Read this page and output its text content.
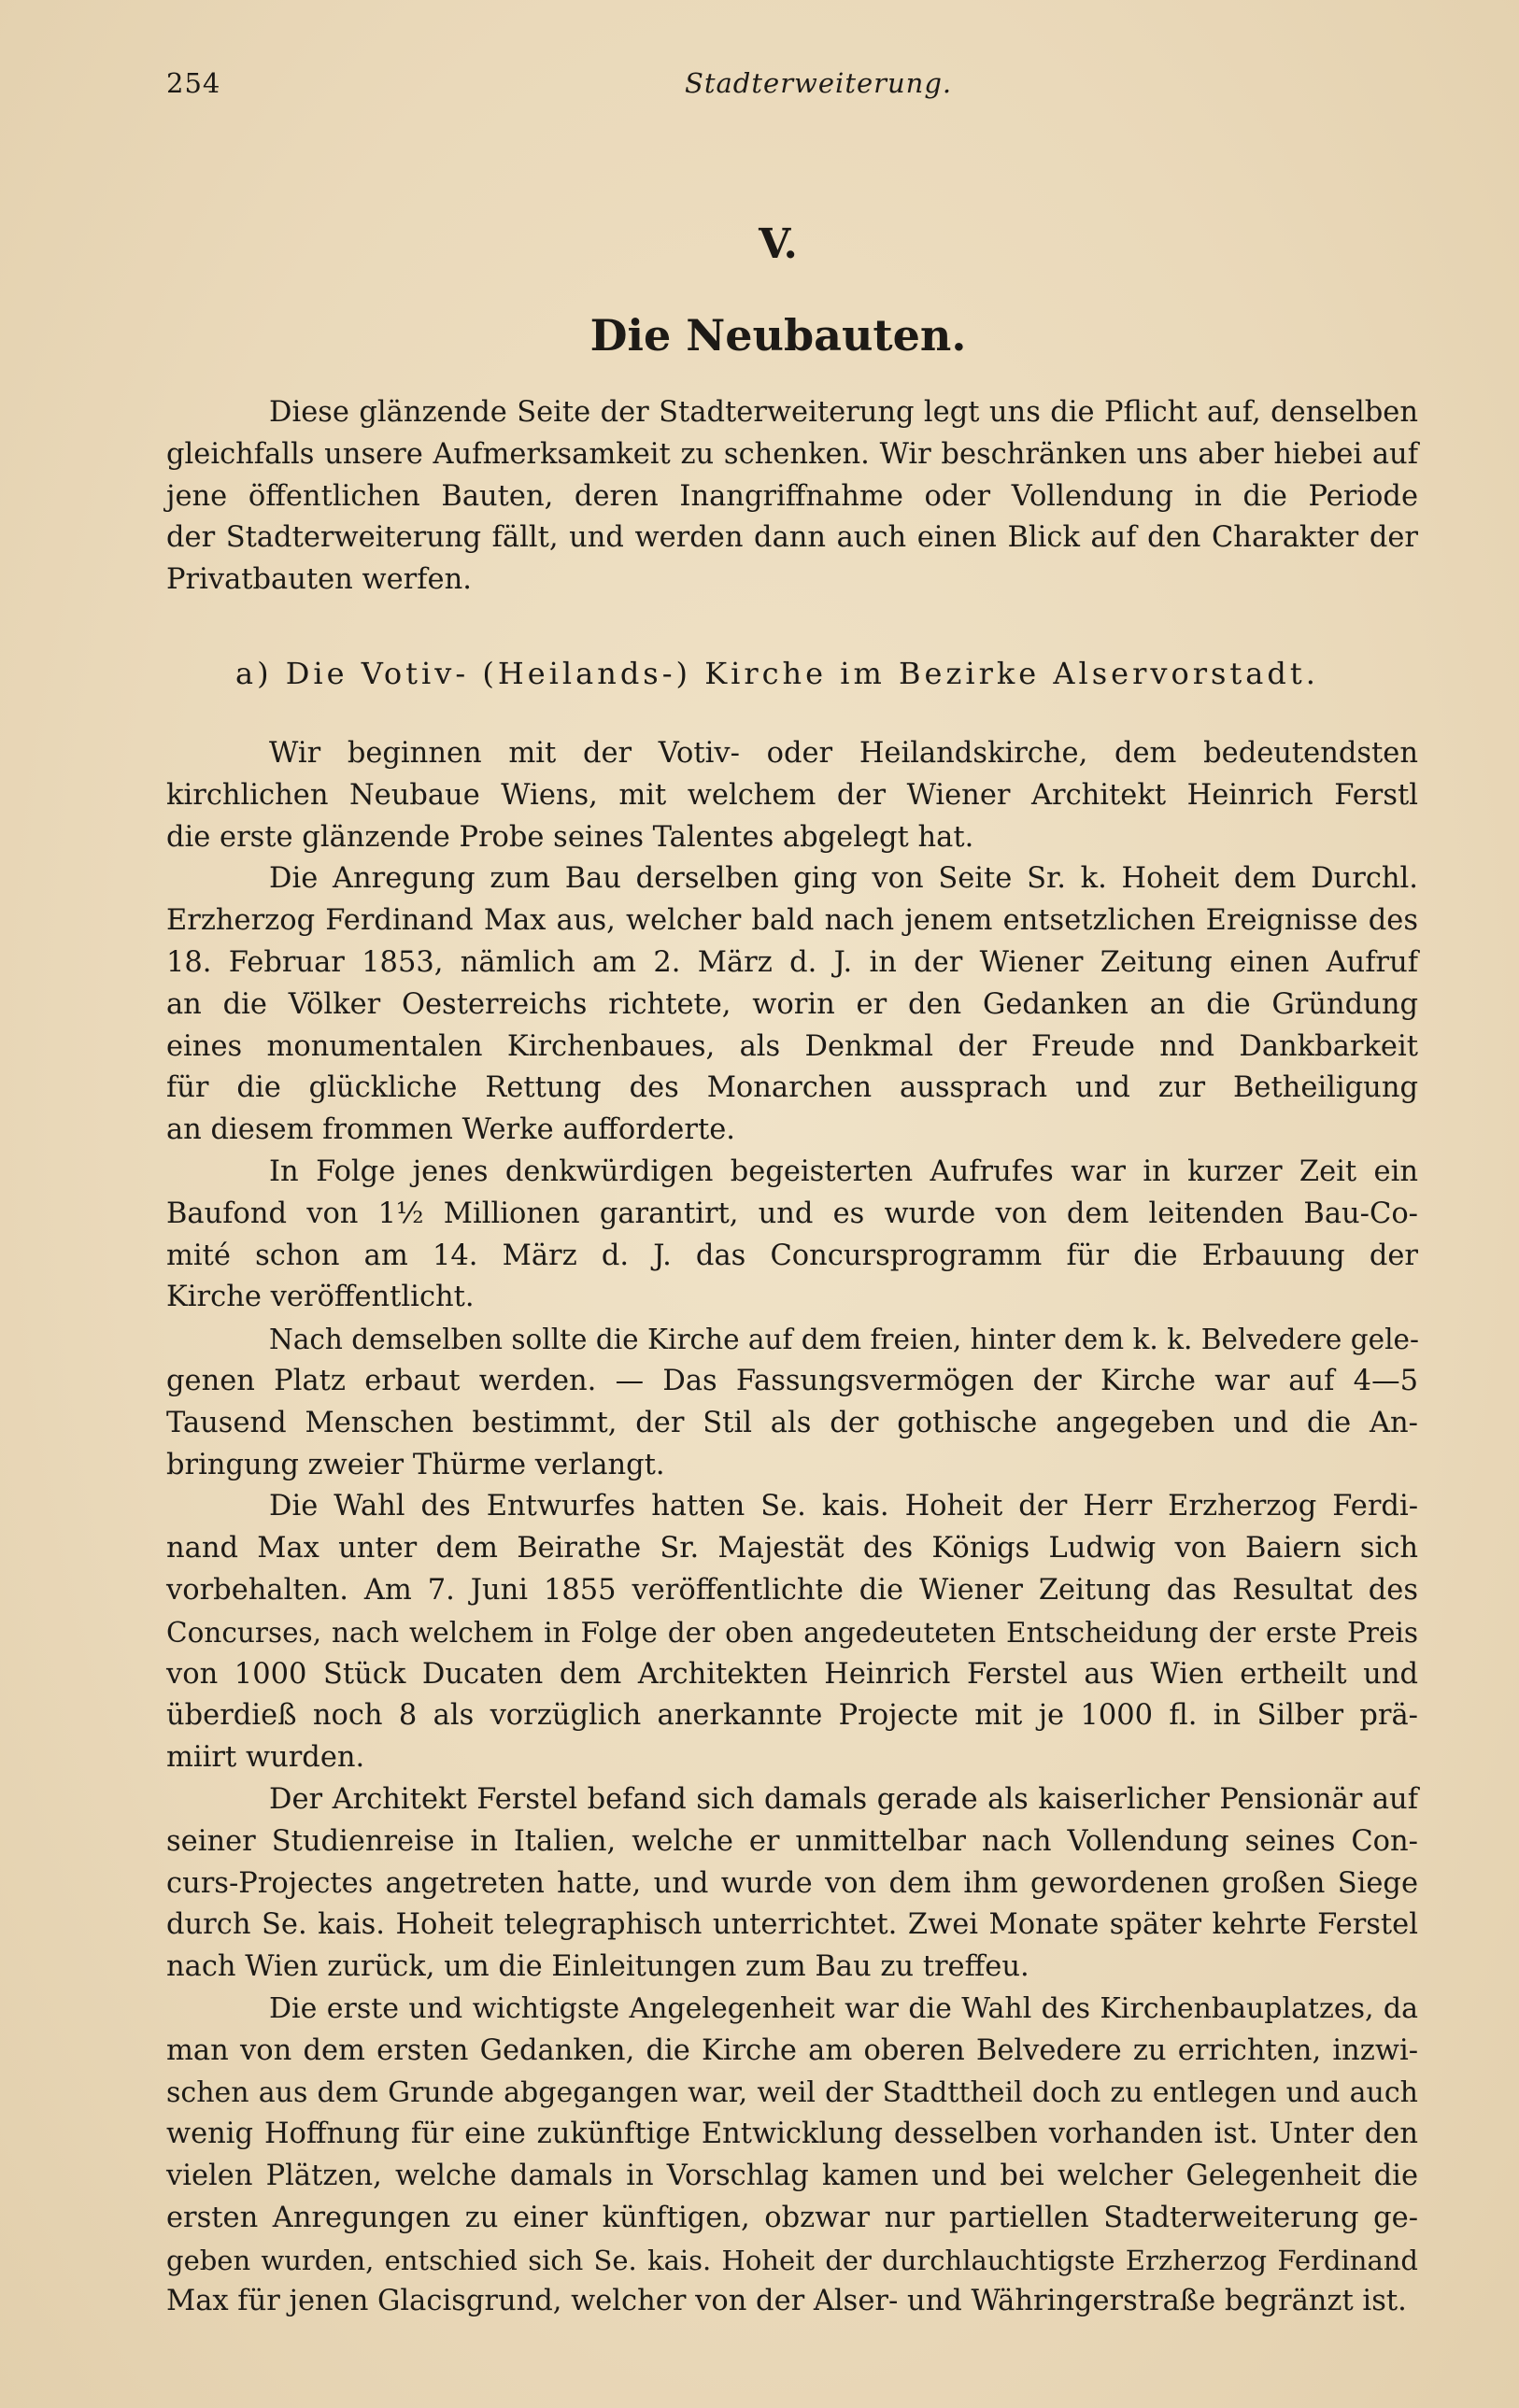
254	Stadterweiterung.
V.
Die Neubauten.
Diese glänzende Seite der Stadterweiterung legt uns die Pflicht auf, denselben
gleichfalls unsere Aufmerksamkeit zu schenken. Wir beschränken uns aber hiebei auf
jene öffentlichen Bauten, deren Inangriffnahme oder Vollendung in die Periode
der Stadterweiterung fällt, und werden dann auch einen Blick auf den Charakter der
Privatbauten werfen.
a) Die Votiv- (Heilands-) Kirche im Bezirke Alservorstadt.
Wir beginnen mit der Votiv- oder Heilandskirche, dem bedeutendsten
kirchlichen Neubaue Wiens, mit welchem der Wiener Architekt Heinrich Ferstl
die erste glänzende Probe seines Talentes abgelegt hat.
Die Anregung zum Bau derselben ging von Seite Sr. k. Hoheit dem Durchl.
Erzherzog Ferdinand Max aus, welcher bald nach jenem entsetzlichen Ereignisse des
18. Februar 1853, nämlich am 2. März d. J. in der Wiener Zeitung einen Aufruf
an die Völker Oesterreichs richtete, worin er den Gedanken an die Gründung
eines monumentalen Kirchenbaues, als Denkmal der Freude nnd Dankbarkeit
für die glückliche Rettung des Monarchen aussprach und zur Betheiligung
an diesem frommen Werke aufforderte.
In Folge jenes denkwürdigen begeisterten Aufrufes war in kurzer Zeit ein
Baufond von 1½ Millionen garantirt, und es wurde von dem leitenden Bau-Co-
mité schon am 14. März d. J. das Concursprogramm für die Erbauung der
Kirche veröffentlicht.
Nach demselben sollte die Kirche auf dem freien, hinter dem k. k. Belvedere gele-
genen Platz erbaut werden. — Das Fassungsvermögen der Kirche war auf 4—5
Tausend Menschen bestimmt, der Stil als der gothische angegeben und die An-
bringung zweier Thürme verlangt.
Die Wahl des Entwurfes hatten Se. kais. Hoheit der Herr Erzherzog Ferdi-
nand Max unter dem Beirathe Sr. Majestät des Königs Ludwig von Baiern sich
vorbehalten. Am 7. Juni 1855 veröffentlichte die Wiener Zeitung das Resultat des
Concurses, nach welchem in Folge der oben angedeuteten Entscheidung der erste Preis
von 1000 Stück Ducaten dem Architekten Heinrich Ferstel aus Wien ertheilt und
überdieß noch 8 als vorzüglich anerkannte Projecte mit je 1000 fl. in Silber prä-
miirt wurden.
Der Architekt Ferstel befand sich damals gerade als kaiserlicher Pensionär auf
seiner Studienreise in Italien, welche er unmittelbar nach Vollendung seines Con-
curs-Projectes angetreten hatte, und wurde von dem ihm gewordenen großen Siege
durch Se. kais. Hoheit telegraphisch unterrichtet. Zwei Monate später kehrte Ferstel
nach Wien zurück, um die Einleitungen zum Bau zu treffeu.
Die erste und wichtigste Angelegenheit war die Wahl des Kirchenbauplatzes, da
man von dem ersten Gedanken, die Kirche am oberen Belvedere zu errichten, inzwi-
schen aus dem Grunde abgegangen war, weil der Stadttheil doch zu entlegen und auch
wenig Hoffnung für eine zukünftige Entwicklung desselben vorhanden ist. Unter den
vielen Plätzen, welche damals in Vorschlag kamen und bei welcher Gelegenheit die
ersten Anregungen zu einer künftigen, obzwar nur partiellen Stadterweiterung ge-
geben wurden, entschied sich Se. kais. Hoheit der durchlauchtigste Erzherzog Ferdinand
Max für jenen Glacisgrund, welcher von der Alser- und Währingerstraße begränzt ist.
